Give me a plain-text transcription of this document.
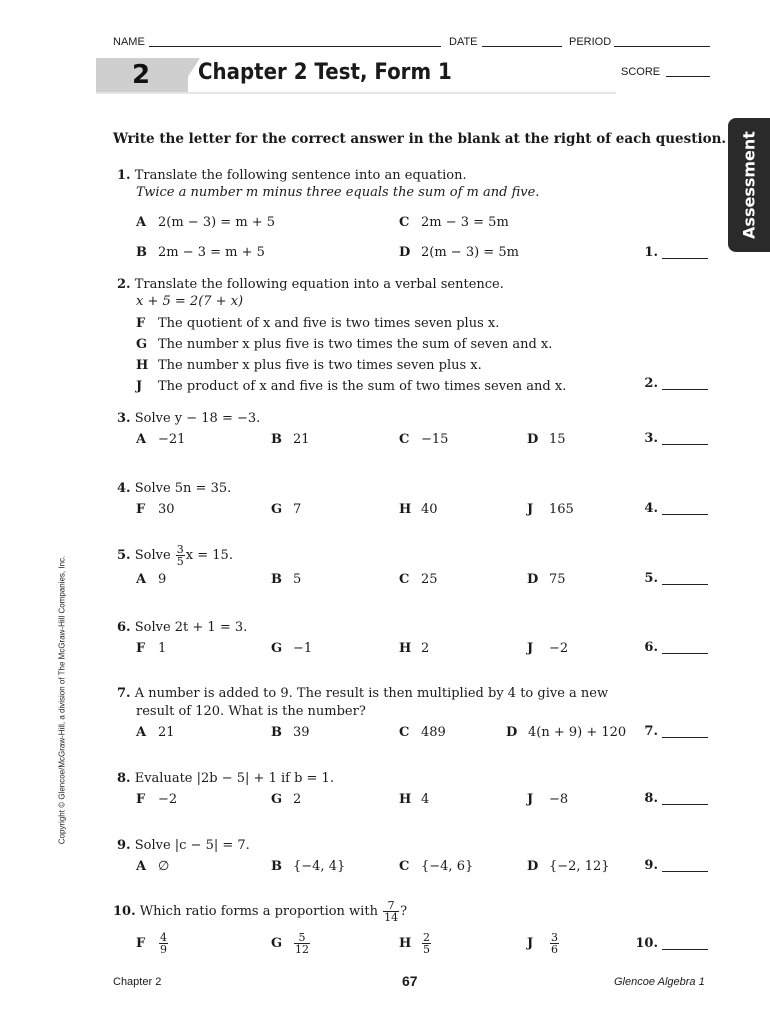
NAME	DATE	PERIOD
2 Chapter 2 Test, Form 1	SCORE
Assessment
Write the letter for the correct answer in the blank at the right of each question.
1. Translate the following sentence into an equation.
Twice a number m minus three equals the sum of m and five.
A 2(m − 3) = m + 5	C 2m − 3 = 5m
B 2m − 3 = m + 5	D 2(m − 3) = 5m	1.
2. Translate the following equation into a verbal sentence.
x + 5 = 2(7 + x)
F The quotient of x and five is two times seven plus x.
G The number x plus five is two times the sum of seven and x.
H The number x plus five is two times seven plus x.
J The product of x and five is the sum of two times seven and x.	2.
3. Solve y − 18 = −3.
A −21	B 21	C −15	D 15	3.
4. Solve 5n = 35.
F 30	G 7	H 40	J 165	4.
5. Solve $\frac{3}{5}$ x = 15.
A 9	B 5	C 25	D 75	5.
6. Solve 2t + 1 = 3.
F 1	G −1	H 2	J −2	6.
7. A number is added to 9. The result is then multiplied by 4 to give a new
result of 120. What is the number?
A 21	B 39	C 489	D 4(n + 9) + 120	7.
8. Evaluate |2b − 5| + 1 if b = 1.
F −2	G 2	H 4	J −8	8.
9. Solve |c − 5| = 7.
A ∅	B {−4, 4}	C {−4, 6}	D {−2, 12}	9.
10. Which ratio forms a proportion with $\frac{7}{14}$ ?
F $\frac{4}{9}$	G $\frac{5}{12}$	H $\frac{2}{5}$	J $\frac{3}{6}$	10.
Copyright © Glencoe/McGraw-Hill, a division of The McGraw-Hill Companies, Inc.
Chapter 2	67	Glencoe Algebra 1
